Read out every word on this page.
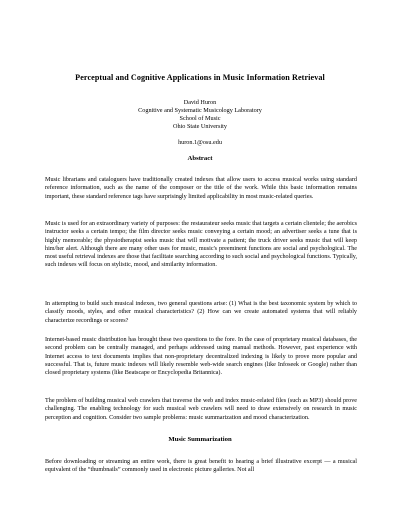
Perceptual and Cognitive Applications in Music Information Retrieval
David Huron
Cognitive and Systematic Musicology Laboratory
School of Music
Ohio State University
huron.1@osu.edu
Abstract

Music librarians and cataloguers have traditionally created indexes that allow users to access musical works using standard reference information, such as the name of the composer or the title of the work. While this basic information remains important, these standard reference tags have surprisingly limited applicability in most music-related queries.

Music is used for an extraordinary variety of purposes: the restaurateur seeks music that targets a certain clientele; the aerobics instructor seeks a certain tempo; the film director seeks music conveying a certain mood; an advertiser seeks a tune that is highly memorable; the physiotherapist seeks music that will motivate a patient; the truck driver seeks music that will keep him/her alert. Although there are many other uses for music, music's preeminent functions are social and psychological. The most useful retrieval indexes are those that facilitate searching according to such social and psychological functions. Typically, such indexes will focus on stylistic, mood, and similarity information.

In attempting to build such musical indexes, two general questions arise: (1) What is the best taxonomic system by which to classify moods, styles, and other musical characteristics? (2) How can we create automated systems that will reliably characterize recordings or scores?

Internet-based music distribution has brought these two questions to the fore. In the case of proprietary musical databases, the second problem can be centrally managed, and perhaps addressed using manual methods. However, past experience with Internet access to text documents implies that non-proprietary decentralized indexing is likely to prove more popular and successful. That is, future music indexes will likely resemble web-wide search engines (like Infoseek or Google) rather than closed proprietary systems (like Beatscape or Encyclopedia Britannica).

The problem of building musical web crawlers that traverse the web and index music-related files (such as MP3) should prove challenging. The enabling technology for such musical web crawlers will need to draw extensively on research in music perception and cognition. Consider two sample problems: music summarization and mood characterization.

Music Summarization

Before downloading or streaming an entire work, there is great benefit to hearing a brief illustrative excerpt — a musical equivalent of the “thumbnails” commonly used in electronic picture galleries. Not all
